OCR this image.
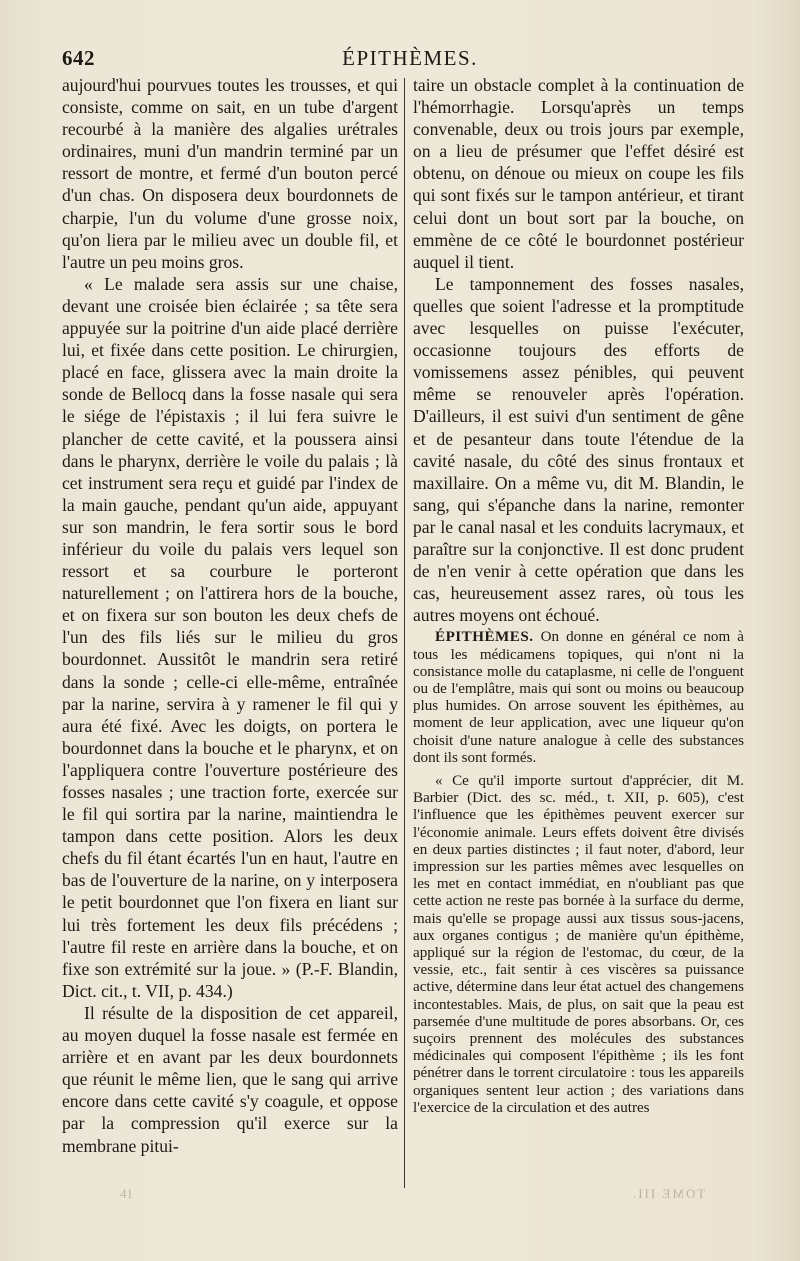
642	ÉPITHÈMES.

aujourd'hui pourvues toutes les trousses, et qui consiste, comme on sait, en un tube d'argent recourbé à la manière des algalies urétrales ordinaires, muni d'un mandrin terminé par un ressort de montre, et fermé d'un bouton percé d'un chas. On disposera deux bourdonnets de charpie, l'un du volume d'une grosse noix, qu'on liera par le milieu avec un double fil, et l'autre un peu moins gros.

« Le malade sera assis sur une chaise, devant une croisée bien éclairée ; sa tête sera appuyée sur la poitrine d'un aide placé derrière lui, et fixée dans cette position. Le chirurgien, placé en face, glissera avec la main droite la sonde de Bellocq dans la fosse nasale qui sera le siége de l'épistaxis ; il lui fera suivre le plancher de cette cavité, et la poussera ainsi dans le pharynx, derrière le voile du palais ; là cet instrument sera reçu et guidé par l'index de la main gauche, pendant qu'un aide, appuyant sur son mandrin, le fera sortir sous le bord inférieur du voile du palais vers lequel son ressort et sa courbure le porteront naturellement ; on l'attirera hors de la bouche, et on fixera sur son bouton les deux chefs de l'un des fils liés sur le milieu du gros bourdonnet. Aussitôt le mandrin sera retiré dans la sonde ; celle-ci elle-même, entraînée par la narine, servira à y ramener le fil qui y aura été fixé. Avec les doigts, on portera le bourdonnet dans la bouche et le pharynx, et on l'appliquera contre l'ouverture postérieure des fosses nasales ; une traction forte, exercée sur le fil qui sortira par la narine, maintiendra le tampon dans cette position. Alors les deux chefs du fil étant écartés l'un en haut, l'autre en bas de l'ouverture de la narine, on y interposera le petit bourdonnet que l'on fixera en liant sur lui très fortement les deux fils précédens ; l'autre fil reste en arrière dans la bouche, et on fixe son extrémité sur la joue. » (P.-F. Blandin, Dict. cit., t. VII, p. 434.)

Il résulte de la disposition de cet appareil, au moyen duquel la fosse nasale est fermée en arrière et en avant par les deux bourdonnets que réunit le même lien, que le sang qui arrive encore dans cette cavité s'y coagule, et oppose par la compression qu'il exerce sur la membrane pitui-

taire un obstacle complet à la continuation de l'hémorrhagie. Lorsqu'après un temps convenable, deux ou trois jours par exemple, on a lieu de présumer que l'effet désiré est obtenu, on dénoue ou mieux on coupe les fils qui sont fixés sur le tampon antérieur, et tirant celui dont un bout sort par la bouche, on emmène de ce côté le bourdonnet postérieur auquel il tient.

Le tamponnement des fosses nasales, quelles que soient l'adresse et la promptitude avec lesquelles on puisse l'exécuter, occasionne toujours des efforts de vomissemens assez pénibles, qui peuvent même se renouveler après l'opération. D'ailleurs, il est suivi d'un sentiment de gêne et de pesanteur dans toute l'étendue de la cavité nasale, du côté des sinus frontaux et maxillaire. On a même vu, dit M. Blandin, le sang, qui s'épanche dans la narine, remonter par le canal nasal et les conduits lacrymaux, et paraître sur la conjonctive. Il est donc prudent de n'en venir à cette opération que dans les cas, heureusement assez rares, où tous les autres moyens ont échoué.

ÉPITHÈMES. On donne en général ce nom à tous les médicamens topiques, qui n'ont ni la consistance molle du cataplasme, ni celle de l'onguent ou de l'emplâtre, mais qui sont ou moins ou beaucoup plus humides. On arrose souvent les épithèmes, au moment de leur application, avec une liqueur qu'on choisit d'une nature analogue à celle des substances dont ils sont formés.

« Ce qu'il importe surtout d'apprécier, dit M. Barbier (Dict. des sc. méd., t. XII, p. 605), c'est l'influence que les épithèmes peuvent exercer sur l'économie animale. Leurs effets doivent être divisés en deux parties distinctes ; il faut noter, d'abord, leur impression sur les parties mêmes avec lesquelles on les met en contact immédiat, en n'oubliant pas que cette action ne reste pas bornée à la surface du derme, mais qu'elle se propage aussi aux tissus sous-jacens, aux organes contigus ; de manière qu'un épithème, appliqué sur la région de l'estomac, du cœur, de la vessie, etc., fait sentir à ces viscères sa puissance active, détermine dans leur état actuel des changemens incontestables. Mais, de plus, on sait que la peau est parsemée d'une multitude de pores absorbans. Or, ces suçoirs prennent des molécules des substances médicinales qui composent l'épithème ; ils les font pénétrer dans le torrent circulatoire : tous les appareils organiques sentent leur action ; des variations dans l'exercice de la circulation et des autres

41	TOME III.
